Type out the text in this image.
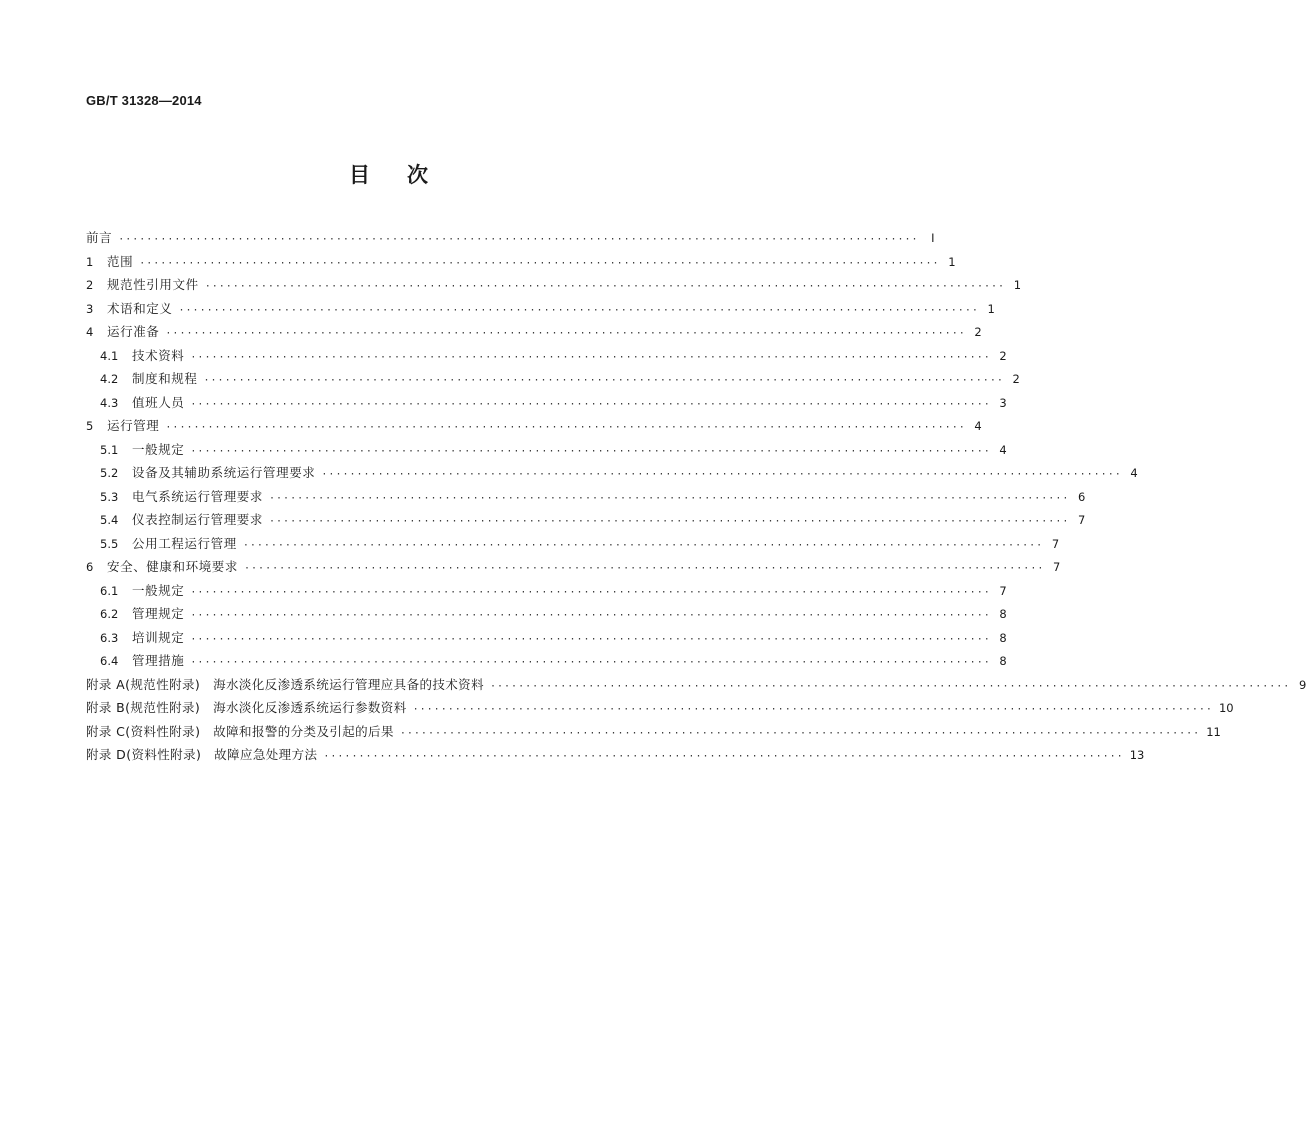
GB/T 31328—2014
目 次
前言 ··················································································································	Ⅰ
1	范围 ·················································································································· 1
2	规范性引用文件 ·················································································································· 1
3	术语和定义 ·················································································································· 1
4	运行准备 ·················································································································· 2
4.1	技术资料 ·················································································································· 2
4.2	制度和规程 ·················································································································· 2
4.3	值班人员 ·················································································································· 3
5	运行管理 ·················································································································· 4
5.1	一般规定 ·················································································································· 4
5.2	设备及其辅助系统运行管理要求 ·················································································································· 4
5.3	电气系统运行管理要求 ·················································································································· 6
5.4	仪表控制运行管理要求 ·················································································································· 7
5.5	公用工程运行管理 ·················································································································· 7
6	安全、健康和环境要求 ·················································································································· 7
6.1	一般规定 ·················································································································· 7
6.2	管理规定 ·················································································································· 8
6.3	培训规定 ·················································································································· 8
6.4	管理措施 ·················································································································· 8
附录 A(规范性附录)　海水淡化反渗透系统运行管理应具备的技术资料 ·················································································································· 9
附录 B(规范性附录)　海水淡化反渗透系统运行参数资料 ·················································································································· 10
附录 C(资料性附录)　故障和报警的分类及引起的后果 ·················································································································· 11
附录 D(资料性附录)　故障应急处理方法 ·················································································································· 13
